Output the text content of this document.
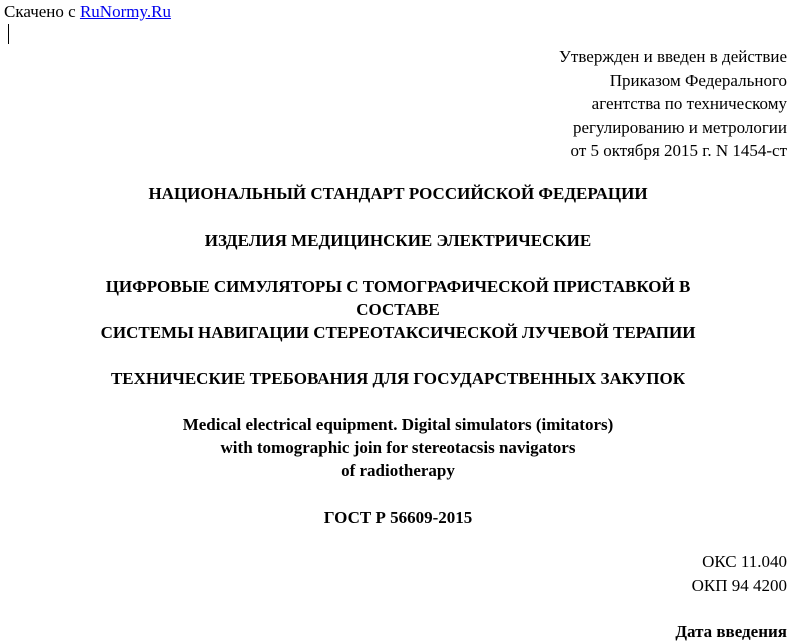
Скачено с RuNormy.Ru
Утвержден и введен в действие
Приказом Федерального
агентства по техническому
регулированию и метрологии
от 5 октября 2015 г. N 1454-ст
НАЦИОНАЛЬНЫЙ СТАНДАРТ РОССИЙСКОЙ ФЕДЕРАЦИИ
ИЗДЕЛИЯ МЕДИЦИНСКИЕ ЭЛЕКТРИЧЕСКИЕ
ЦИФРОВЫЕ СИМУЛЯТОРЫ С ТОМОГРАФИЧЕСКОЙ ПРИСТАВКОЙ В
СОСТАВЕ
СИСТЕМЫ НАВИГАЦИИ СТЕРЕОТАКСИЧЕСКОЙ ЛУЧЕВОЙ ТЕРАПИИ
ТЕХНИЧЕСКИЕ ТРЕБОВАНИЯ ДЛЯ ГОСУДАРСТВЕННЫХ ЗАКУПОК
Medical electrical equipment. Digital simulators (imitators)
with tomographic join for stereotacsis navigators
of radiotherapy
ГОСТ Р 56609-2015
ОКС 11.040
ОКП 94 4200
Дата введения
